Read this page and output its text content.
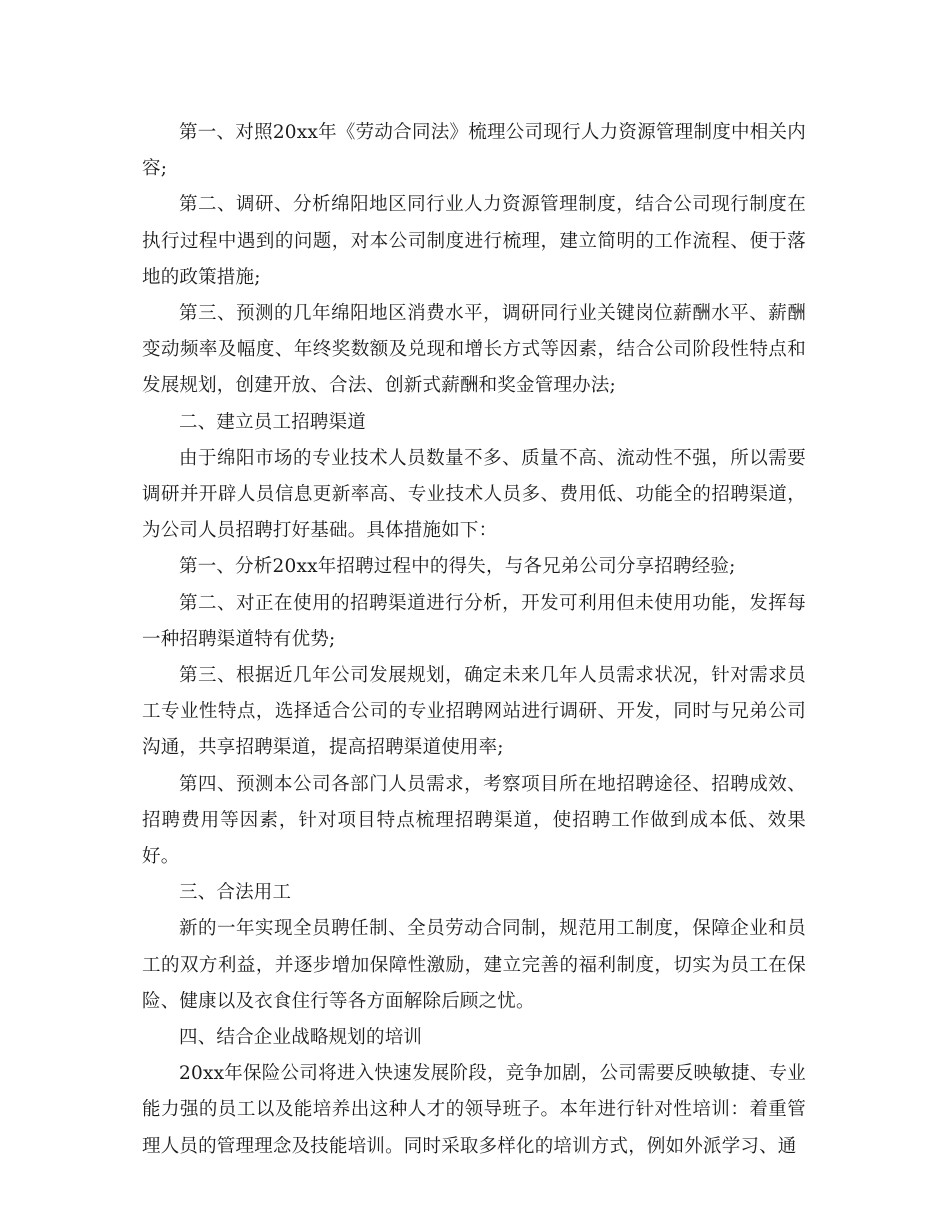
第一、对照20xx年《劳动合同法》梳理公司现行人力资源管理制度中相关内容;

第二、调研、分析绵阳地区同行业人力资源管理制度，结合公司现行制度在执行过程中遇到的问题，对本公司制度进行梳理，建立简明的工作流程、便于落地的政策措施;

第三、预测的几年绵阳地区消费水平，调研同行业关键岗位薪酬水平、薪酬变动频率及幅度、年终奖数额及兑现和增长方式等因素，结合公司阶段性特点和发展规划，创建开放、合法、创新式薪酬和奖金管理办法;

二、建立员工招聘渠道

由于绵阳市场的专业技术人员数量不多、质量不高、流动性不强，所以需要调研并开辟人员信息更新率高、专业技术人员多、费用低、功能全的招聘渠道，为公司人员招聘打好基础。具体措施如下：

第一、分析20xx年招聘过程中的得失，与各兄弟公司分享招聘经验;

第二、对正在使用的招聘渠道进行分析，开发可利用但未使用功能，发挥每一种招聘渠道特有优势;

第三、根据近几年公司发展规划，确定未来几年人员需求状况，针对需求员工专业性特点，选择适合公司的专业招聘网站进行调研、开发，同时与兄弟公司沟通，共享招聘渠道，提高招聘渠道使用率;

第四、预测本公司各部门人员需求，考察项目所在地招聘途径、招聘成效、招聘费用等因素，针对项目特点梳理招聘渠道，使招聘工作做到成本低、效果好。

三、合法用工

新的一年实现全员聘任制、全员劳动合同制，规范用工制度，保障企业和员工的双方利益，并逐步增加保障性激励，建立完善的福利制度，切实为员工在保险、健康以及衣食住行等各方面解除后顾之忧。

四、结合企业战略规划的培训

20xx年保险公司将进入快速发展阶段，竞争加剧，公司需要反映敏捷、专业能力强的员工以及能培养出这种人才的领导班子。本年进行针对性培训：着重管理人员的管理理念及技能培训。同时采取多样化的培训方式，例如外派学习、通
